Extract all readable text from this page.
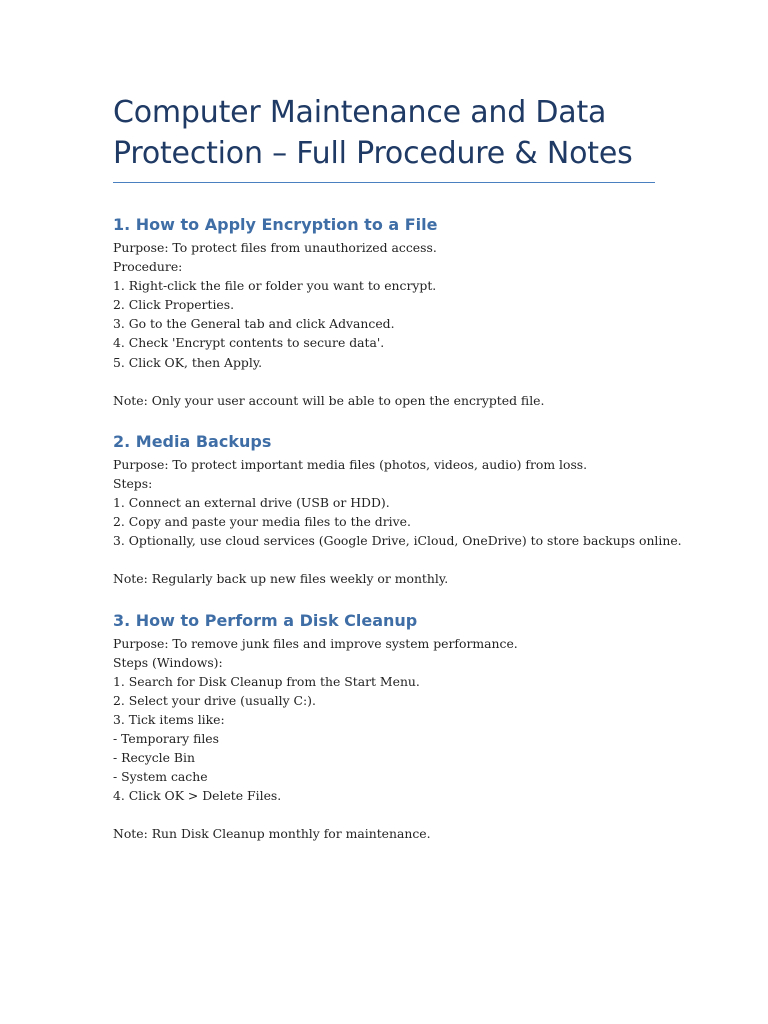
Computer Maintenance and Data
Protection – Full Procedure & Notes
1. How to Apply Encryption to a File

Purpose: To protect files from unauthorized access.

Procedure:

1. Right-click the file or folder you want to encrypt.

2. Click Properties.

3. Go to the General tab and click Advanced.

4. Check 'Encrypt contents to secure data'.

5. Click OK, then Apply.

Note: Only your user account will be able to open the encrypted file.

2. Media Backups

Purpose: To protect important media files (photos, videos, audio) from loss.

Steps:

1. Connect an external drive (USB or HDD).

2. Copy and paste your media files to the drive.

3. Optionally, use cloud services (Google Drive, iCloud, OneDrive) to store backups online.

Note: Regularly back up new files weekly or monthly.

3. How to Perform a Disk Cleanup

Purpose: To remove junk files and improve system performance.

Steps (Windows):

1. Search for Disk Cleanup from the Start Menu.

2. Select your drive (usually C:).

3. Tick items like:

- Temporary files

- Recycle Bin

- System cache

4. Click OK > Delete Files.

Note: Run Disk Cleanup monthly for maintenance.
